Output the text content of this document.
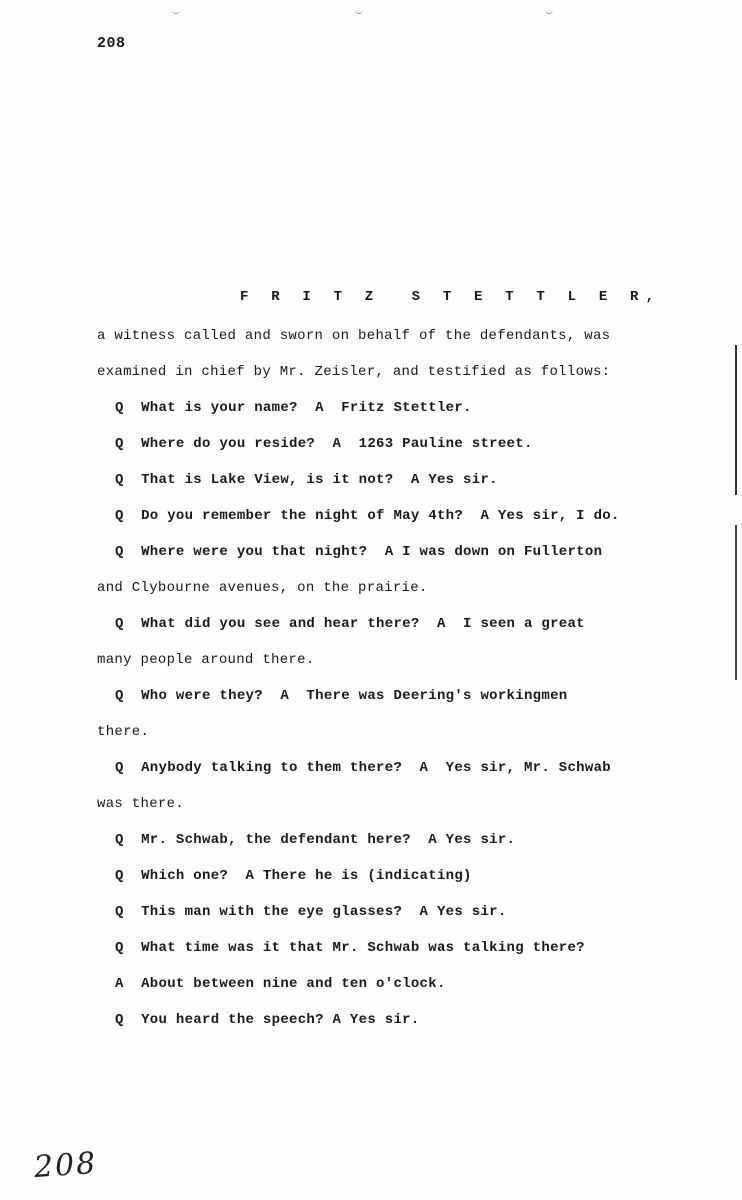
208
F R I T Z  S T E T T L E R,
a witness called and sworn on behalf of the defendants, was
examined in chief by Mr. Zeisler, and testified as follows:
Q  What is your name?  A  Fritz Stettler.
Q  Where do you reside?  A  1263 Pauline street.
Q  That is Lake View, is it not?  A Yes sir.
Q  Do you remember the night of May 4th?  A Yes sir, I do.
Q  Where were you that night?  A I was down on Fullerton
and Clybourne avenues, on the prairie.
Q  What did you see and hear there?  A  I seen a great
many people around there.
Q  Who were they?  A  There was Deering's workingmen
there.
Q  Anybody talking to them there?  A  Yes sir, Mr. Schwab
was there.
Q  Mr. Schwab, the defendant here?  A Yes sir.
Q  Which one?  A There he is (indicating)
Q  This man with the eye glasses?  A Yes sir.
Q  What time was it that Mr. Schwab was talking there?
A  About between nine and ten o'clock.
Q  You heard the speech? A Yes sir.
208
